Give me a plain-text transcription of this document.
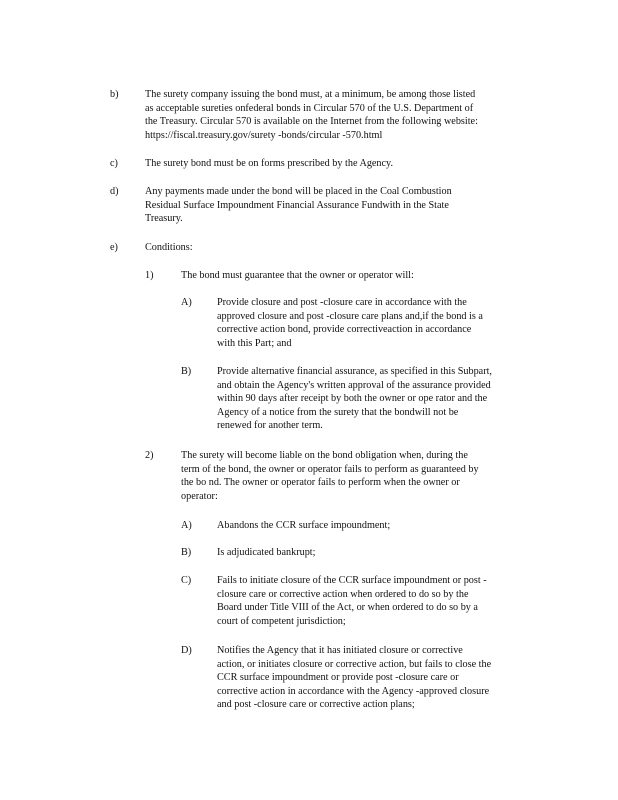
b)	The surety company issuing the bond must, at a minimum, be among those listed
as acceptable sureties onfederal bonds in Circular 570 of the U.S. Department of
the Treasury. Circular 570 is available on the Internet from the following website:
https://fiscal.treasury.gov/surety -bonds/circular -570.html
c)	The surety bond must be on forms prescribed by the Agency.
d)	Any payments made under the bond will be placed in the Coal Combustion
Residual Surface Impoundment Financial Assurance Fundwith in the State
Treasury.
e)	Conditions:
1)	The bond must guarantee that the owner or operator will:
A) Provide closure and post -closure care in accordance with the
approved closure and post -closure care plans and,if the bond is a
corrective action bond, provide correctiveaction in accordance
with this Part; and
B)	Provide alternative financial assurance, as specified in this Subpart,
and obtain the Agency's written approval of the assurance provided
within 90 days after receipt by both the owner or ope rator and the
Agency of a notice from the surety that the bondwill not be
renewed for another term.
2)	The surety will become liable on the bond obligation when, during the
term of the bond, the owner or operator fails to perform as guaranteed by
the bo nd. The owner or operator fails to perform when the owner or
operator:
A) Abandons the CCR surface impoundment;
B)	Is adjudicated bankrupt;
C)	Fails to initiate closure of the CCR surface impoundment or post -
closure care or corrective action when ordered to do so by the
Board under Title VIII of the Act, or when ordered to do so by a
court of competent jurisdiction;
D) Notifies the Agency that it has initiated closure or corrective
action, or initiates closure or corrective action, but fails to close the
CCR surface impoundment or provide post -closure care or
corrective action in accordance with the Agency -approved closure
and post -closure care or corrective action plans;
